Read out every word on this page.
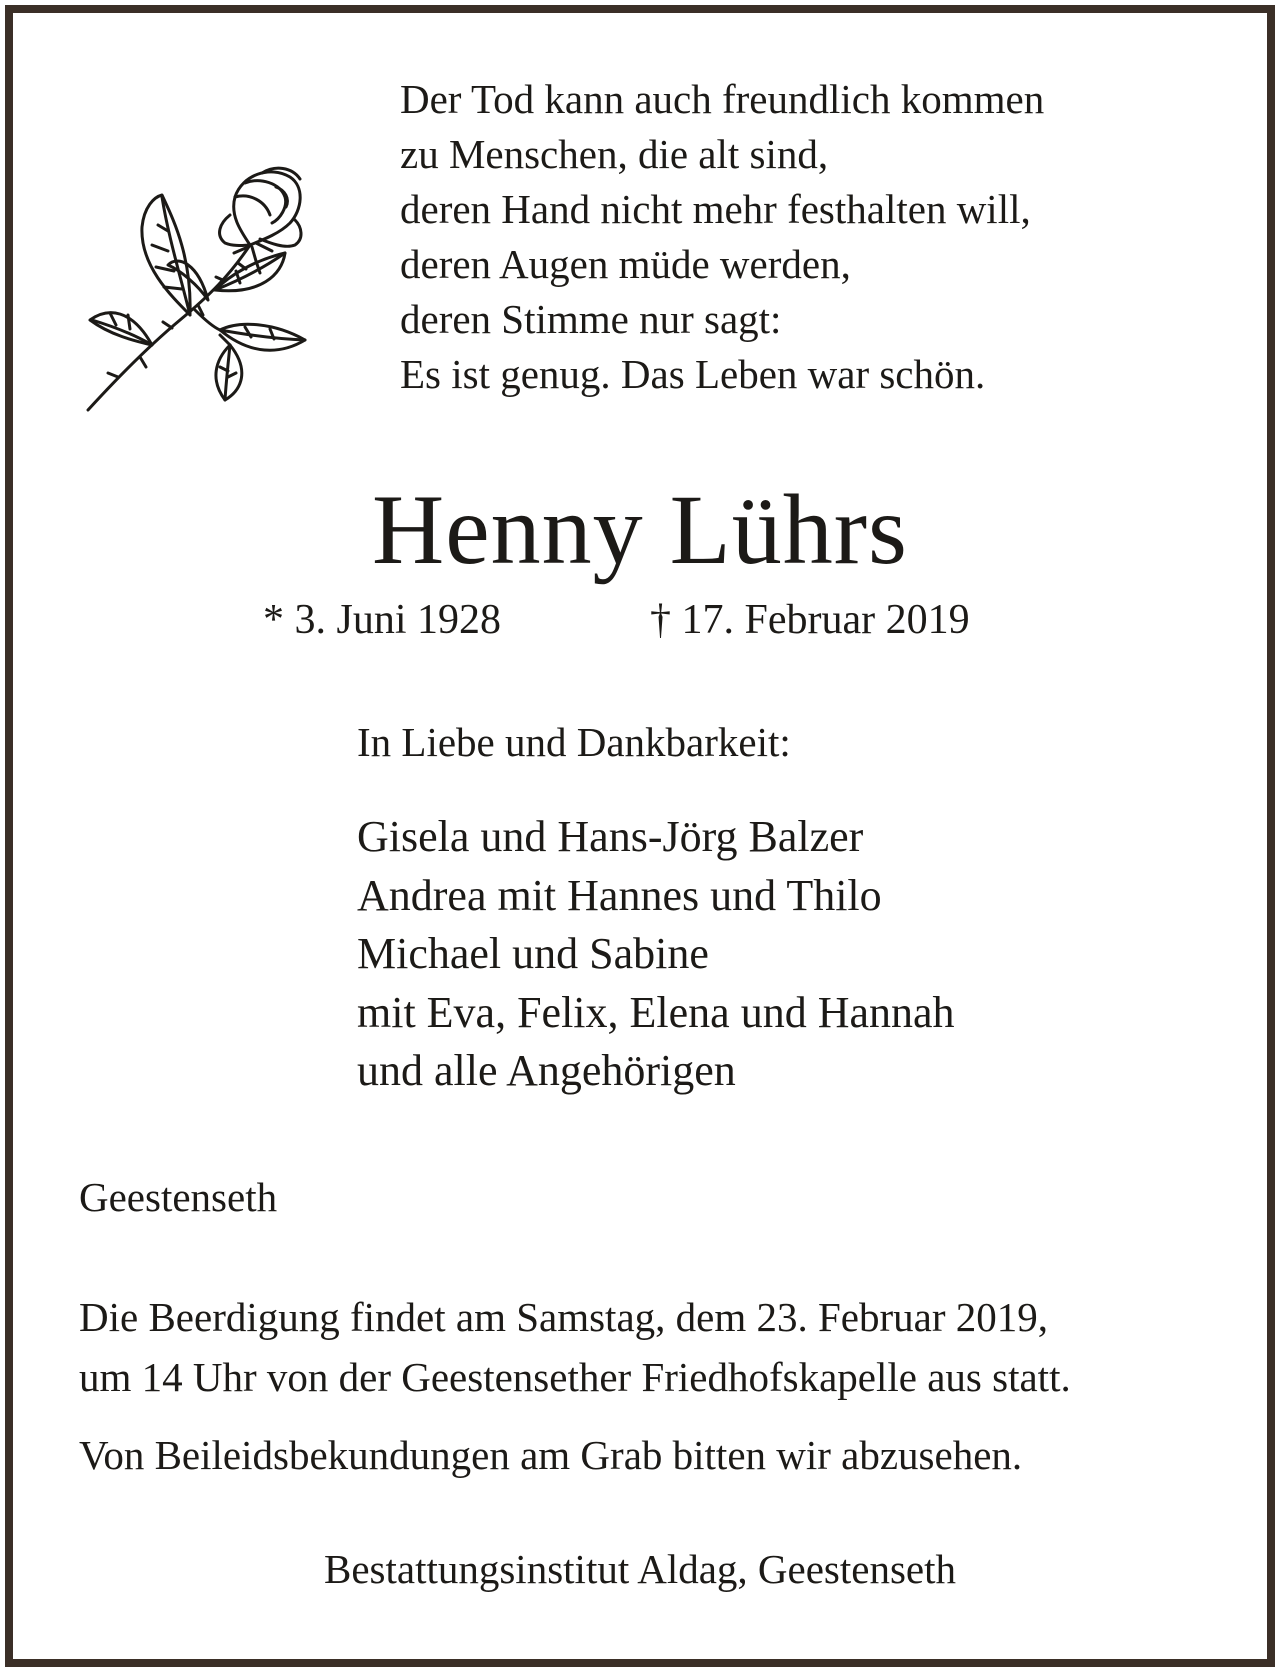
Der Tod kann auch freundlich kommen
zu Menschen, die alt sind,
deren Hand nicht mehr festhalten will,
deren Augen müde werden,
deren Stimme nur sagt:
Es ist genug. Das Leben war schön.
Henny Lührs
* 3. Juni 1928	† 17. Februar 2019
In Liebe und Dankbarkeit:
Gisela und Hans-Jörg Balzer
Andrea mit Hannes und Thilo
Michael und Sabine
mit Eva, Felix, Elena und Hannah
und alle Angehörigen
Geestenseth
Die Beerdigung findet am Samstag, dem 23. Februar 2019,
um 14 Uhr von der Geestensether Friedhofskapelle aus statt.
Von Beileidsbekundungen am Grab bitten wir abzusehen.
Bestattungsinstitut Aldag, Geestenseth
